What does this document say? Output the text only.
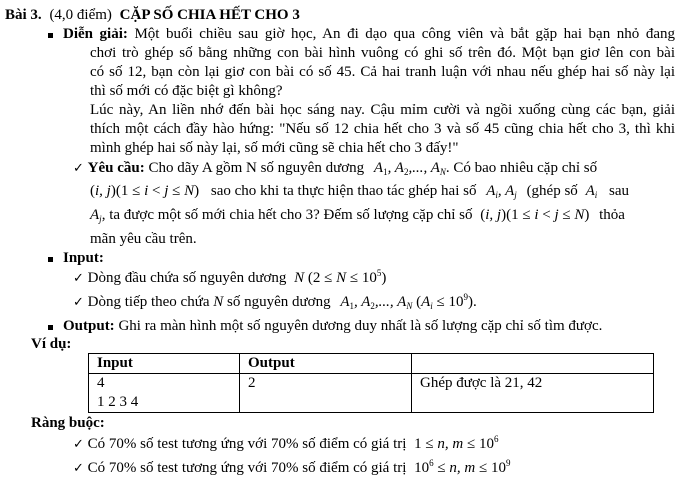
Bài 3. (4,0 điểm) CẶP SỐ CHIA HẾT CHO 3
Diễn giải: Một buổi chiều sau giờ học, An đi dạo qua công viên và bắt gặp hai bạn nhỏ đang
chơi trò ghép số bằng những con bài hình vuông có ghi số trên đó. Một bạn giơ lên con bài
có số 12, bạn còn lại giơ con bài có số 45. Cả hai tranh luận với nhau nếu ghép hai số này lại
thì số mới có đặc biệt gì không?
Lúc này, An liền nhớ đến bài học sáng nay. Cậu mỉm cười và ngồi xuống cùng các bạn, giải
thích một cách đầy hào hứng: "Nếu số 12 chia hết cho 3 và số 45 cũng chia hết cho 3, thì khi
mình ghép hai số này lại, số mới cũng sẽ chia hết cho 3 đấy!"
✓ Yêu cầu: Cho dãy A gồm N số nguyên dương $A_1$, $A_2$,..., $A_N$. Có bao nhiêu cặp chỉ số
(i, j)(1 ≤ i < j ≤ N) sao cho khi ta thực hiện thao tác ghép hai số $A_i$, $A_j$ (ghép số $A_i$ sau
$A_j$, ta được một số mới chia hết cho 3? Đếm số lượng cặp chỉ số (i, j)(1 ≤ i < j ≤ N) thỏa
mãn yêu cầu trên.
Input:
✓ Dòng đầu chứa số nguyên dương N $(2 \le N \le 10^5)$
✓ Dòng tiếp theo chứa N số nguyên dương $A_1$, $A_2$,..., $A_N$ $(A_i \le 10^9)$.
Output: Ghi ra màn hình một số nguyên dương duy nhất là số lượng cặp chỉ số tìm được.
Ví dụ:
Input	Output	

4
1 2 3 4	2	Ghép được là 21, 42
Ràng buộc:
✓ Có 70% số test tương ứng với 70% số điểm có giá trị 1 ≤ n, $m \le 10^6$
✓ Có 70% số test tương ứng với 70% số điểm có giá trị $10^6 \le n$, $m \le 10^9$
